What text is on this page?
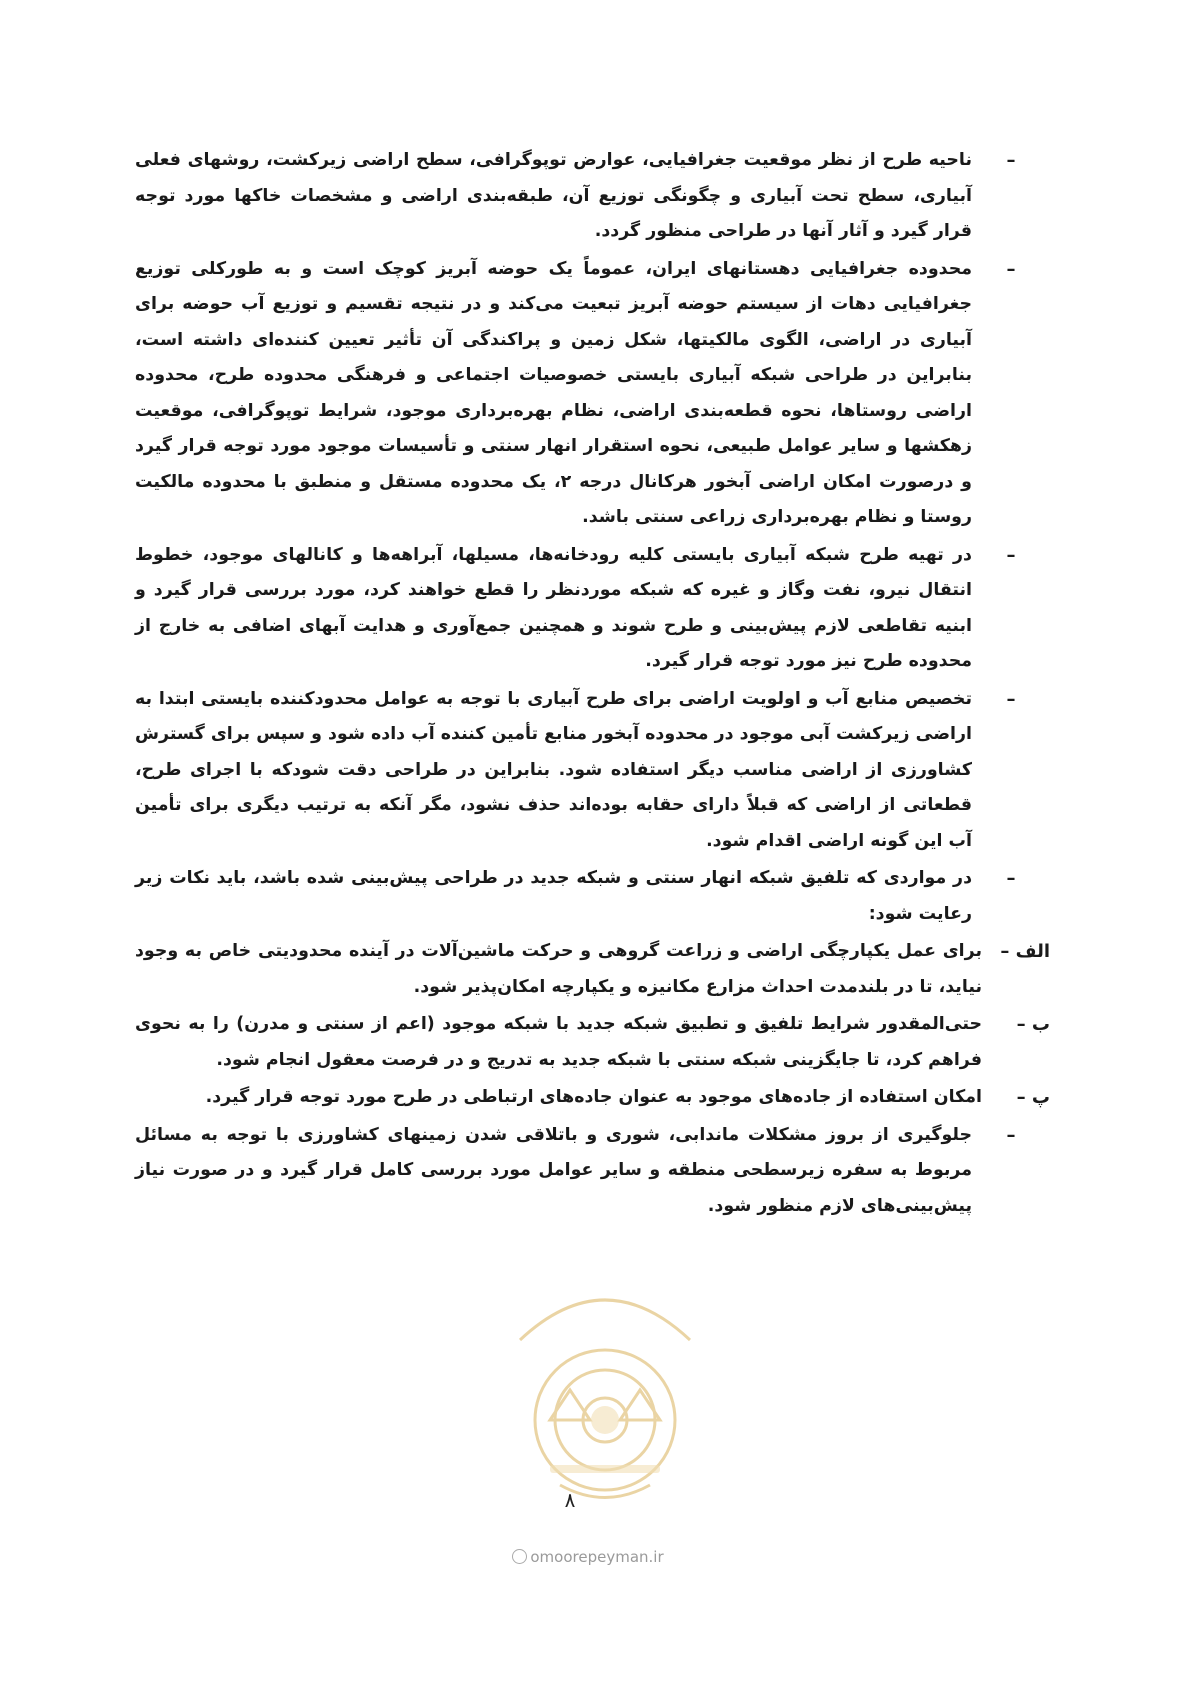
–
ناحیه طرح از نظر موقعیت جغرافیایی، عوارض توپوگرافی، سطح اراضی زیرکشت، روشهای فعلی آبیاری، سطح تحت آبیاری و چگونگی توزیع آن، طبقه‌بندی اراضی و مشخصات خاکها مورد توجه قرار گیرد و آثار آنها در طراحی منظور گردد.
–
محدوده جغرافیایی دهستانهای ایران، عموماً یک حوضه آبریز کوچک است و به طورکلی توزیع جغرافیایی دهات از سیستم حوضه آبریز تبعیت می‌کند و در نتیجه تقسیم و توزیع آب حوضه برای آبیاری در اراضی، الگوی مالکیتها، شکل زمین و پراکندگی آن تأثیر تعیین کننده‌ای داشته است، بنابراین در طراحی شبکه آبیاری بایستی خصوصیات اجتماعی و فرهنگی محدوده طرح، محدوده اراضی روستاها، نحوه قطعه‌بندی اراضی، نظام بهره‌برداری موجود، شرایط توپوگرافی، موقعیت زهکشها و سایر عوامل طبیعی، نحوه استقرار انهار سنتی و تأسیسات موجود مورد توجه قرار گیرد و درصورت امکان اراضی آبخور هرکانال درجه ۲، یک محدوده مستقل و منطبق با محدوده مالکیت روستا و نظام بهره‌برداری زراعی سنتی باشد.
–
در تهیه طرح شبکه آبیاری بایستی کلیه رودخانه‌ها، مسیلها، آبراهه‌ها و کانالهای موجود، خطوط انتقال نیرو، نفت وگاز و غیره که شبکه موردنظر را قطع خواهند کرد، مورد بررسی قرار گیرد و ابنیه تقاطعی لازم پیش‌بینی و طرح شوند و همچنین جمع‌آوری و هدایت آبهای اضافی به خارج از محدوده طرح نیز مورد توجه قرار گیرد.
–
تخصیص منابع آب و اولویت اراضی برای طرح آبیاری با توجه به عوامل محدودکننده بایستی ابتدا به اراضی زیرکشت آبی موجود در محدوده آبخور منابع تأمین کننده آب داده شود و سپس برای گسترش کشاورزی از اراضی مناسب دیگر استفاده شود. بنابراین در طراحی دقت شودکه با اجرای طرح، قطعاتی از اراضی که قبلاً دارای حقابه بوده‌اند حذف نشود، مگر آنکه به ترتیب دیگری برای تأمین آب این گونه اراضی اقدام شود.
–
در مواردی که تلفیق شبکه انهار سنتی و شبکه جدید در طراحی پیش‌بینی شده باشد، باید نکات زیر رعایت شود:
الف –
برای عمل یکپارچگی اراضی و زراعت گروهی و حرکت ماشین‌آلات در آینده محدودیتی خاص به وجود نیاید، تا در بلندمدت احداث مزارع مکانیزه و یکپارچه امکان‌پذیر شود.
ب –
حتی‌المقدور شرایط تلفیق و تطبیق شبکه جدید با شبکه موجود (اعم از سنتی و مدرن) را به نحوی فراهم کرد، تا جایگزینی شبکه سنتی با شبکه جدید به تدریج و در فرصت معقول انجام شود.
پ –
امکان استفاده از جاده‌های موجود به عنوان جاده‌های ارتباطی در طرح مورد توجه قرار گیرد.
–
جلوگیری از بروز مشکلات ماندابی، شوری و باتلاقی شدن زمینهای کشاورزی با توجه به مسائل مربوط به سفره زیرسطحی منطقه و سایر عوامل مورد بررسی کامل قرار گیرد و در صورت نیاز پیش‌بینی‌های لازم منظور شود.
۸
omoorepeyman.ir
